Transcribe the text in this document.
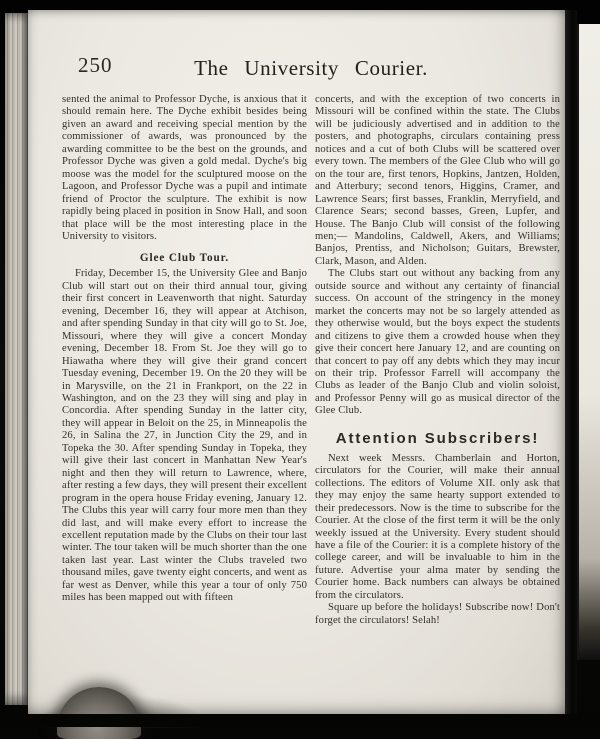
250	The University Courier.

sented the animal to Professor Dyche, is anxious that it should remain here. The Dyche exhibit besides being given an award and receiving special mention by the commissioner of awards, was pronounced by the awarding committee to be the best on the grounds, and Professor Dyche was given a gold medal. Dyche's big moose was the model for the sculptured moose on the Lagoon, and Professor Dyche was a pupil and intimate friend of Proctor the sculpture. The exhibit is now rapidly being placed in position in Snow Hall, and soon that place will be the most interesting place in the University to visitors.

Glee Club Tour.

Friday, December 15, the University Glee and Banjo Club will start out on their third annual tour, giving their first concert in Leavenworth that night. Saturday evening, December 16, they will appear at Atchison, and after spending Sunday in that city will go to St. Joe, Missouri, where they will give a concert Monday evening, December 18. From St. Joe they will go to Hiawatha where they will give their grand concert Tuesday evening, December 19. On the 20 they will be in Marysville, on the 21 in Frankport, on the 22 in Washington, and on the 23 they will sing and play in Concordia. After spending Sunday in the latter city, they will appear in Beloit on the 25, in Minneapolis the 26, in Salina the 27, in Junction City the 29, and in Topeka the 30. After spending Sunday in Topeka, they will give their last concert in Manhattan New Year's night and then they will return to Lawrence, where, after resting a few days, they will present their excellent program in the opera house Friday evening, January 12. The Clubs this year will carry four more men than they did last, and will make every effort to increase the excellent reputation made by the Clubs on their tour last winter. The tour taken will be much shorter than the one taken last year. Last winter the Clubs traveled two thousand miles, gave twenty eight concerts, and went as far west as Denver, while this year a tour of only 750 miles has been mapped out with fifteen

concerts, and with the exception of two concerts in Missouri will be confined within the state. The Clubs will be judiciously advertised and in addition to the posters, and photographs, circulars containing press notices and a cut of both Clubs will be scattered over every town. The members of the Glee Club who will go on the tour are, first tenors, Hopkins, Jantzen, Holden, and Atterbury; second tenors, Higgins, Cramer, and Lawrence Sears; first basses, Franklin, Merryfield, and Clarence Sears; second basses, Green, Lupfer, and House. The Banjo Club will consist of the following men;— Mandolins, Caldwell, Akers, and Williams; Banjos, Prentiss, and Nicholson; Guitars, Brewster, Clark, Mason, and Alden.

The Clubs start out without any backing from any outside source and without any certainty of financial success. On account of the stringency in the money market the concerts may not be so largely attended as they otherwise would, but the boys expect the students and citizens to give them a crowded house when they give their concert here January 12, and are counting on that concert to pay off any debts which they may incur on their trip. Professor Farrell will accompany the Clubs as leader of the Banjo Club and violin soloist, and Professor Penny will go as musical director of the Glee Club.

Attention Subscribers!

Next week Messrs. Chamberlain and Horton, circulators for the Courier, will make their annual collections. The editors of Volume XII. only ask that they may enjoy the same hearty support extended to their predecessors. Now is the time to subscribe for the Courier. At the close of the first term it will be the only weekly issued at the University. Every student should have a file of the Courier: it is a complete history of the college career, and will be invaluable to him in the future. Advertise your alma mater by sending the Courier home. Back numbers can always be obtained from the circulators.

Square up before the holidays! Subscribe now! Don't forget the circulators! Selah!
